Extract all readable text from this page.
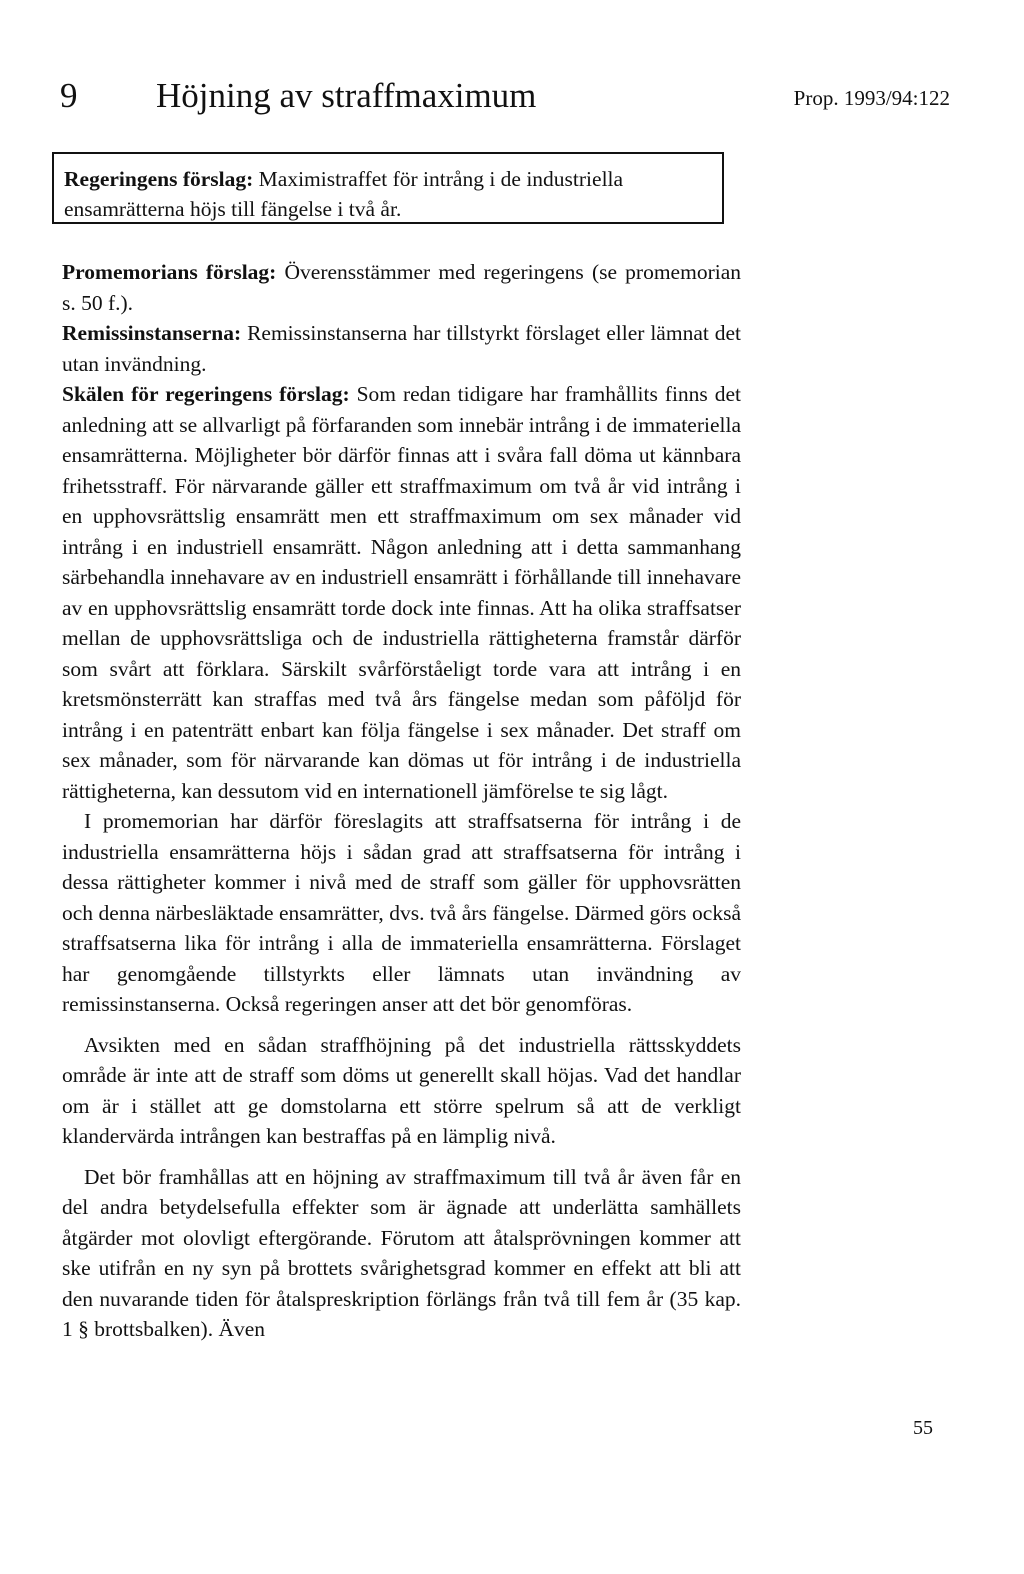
9 Höjning av straffmaximum	Prop. 1993/94:122
Regeringens förslag: Maximistraffet för intrång i de industriella ensamrätterna höjs till fängelse i två år.

Promemorians förslag: Överensstämmer med regeringens (se promemorian s. 50 f.).

Remissinstanserna: Remissinstanserna har tillstyrkt förslaget eller lämnat det utan invändning.

Skälen för regeringens förslag: Som redan tidigare har framhållits finns det anledning att se allvarligt på förfaranden som innebär intrång i de immateriella ensamrätterna. Möjligheter bör därför finnas att i svåra fall döma ut kännbara frihetsstraff. För närvarande gäller ett straffmaximum om två år vid intrång i en upphovsrättslig ensamrätt men ett straffmaximum om sex månader vid intrång i en industriell ensamrätt. Någon anledning att i detta sammanhang särbehandla innehavare av en industriell ensamrätt i förhållande till innehavare av en upphovsrättslig ensamrätt torde dock inte finnas. Att ha olika straffsatser mellan de upphovsrättsliga och de industriella rättigheterna framstår därför som svårt att förklara. Särskilt svårförståeligt torde vara att intrång i en kretsmönsterrätt kan straffas med två års fängelse medan som påföljd för intrång i en patenträtt enbart kan följa fängelse i sex månader. Det straff om sex månader, som för närvarande kan dömas ut för intrång i de industriella rättigheterna, kan dessutom vid en internationell jämförelse te sig lågt.

I promemorian har därför föreslagits att straffsatserna för intrång i de industriella ensamrätterna höjs i sådan grad att straffsatserna för intrång i dessa rättigheter kommer i nivå med de straff som gäller för upphovsrätten och denna närbesläktade ensamrätter, dvs. två års fängelse. Därmed görs också straffsatserna lika för intrång i alla de immateriella ensamrätterna. Förslaget har genomgående tillstyrkts eller lämnats utan invändning av remissinstanserna. Också regeringen anser att det bör genomföras.

Avsikten med en sådan straffhöjning på det industriella rättsskyddets område är inte att de straff som döms ut generellt skall höjas. Vad det handlar om är i stället att ge domstolarna ett större spelrum så att de verkligt klandervärda intrången kan bestraffas på en lämplig nivå.

Det bör framhållas att en höjning av straffmaximum till två år även får en del andra betydelsefulla effekter som är ägnade att underlätta samhällets åtgärder mot olovligt eftergörande. Förutom att åtalsprövningen kommer att ske utifrån en ny syn på brottets svårighetsgrad kommer en effekt att bli att den nuvarande tiden för åtalspreskription förlängs från två till fem år (35 kap. 1 § brottsbalken). Även

55
